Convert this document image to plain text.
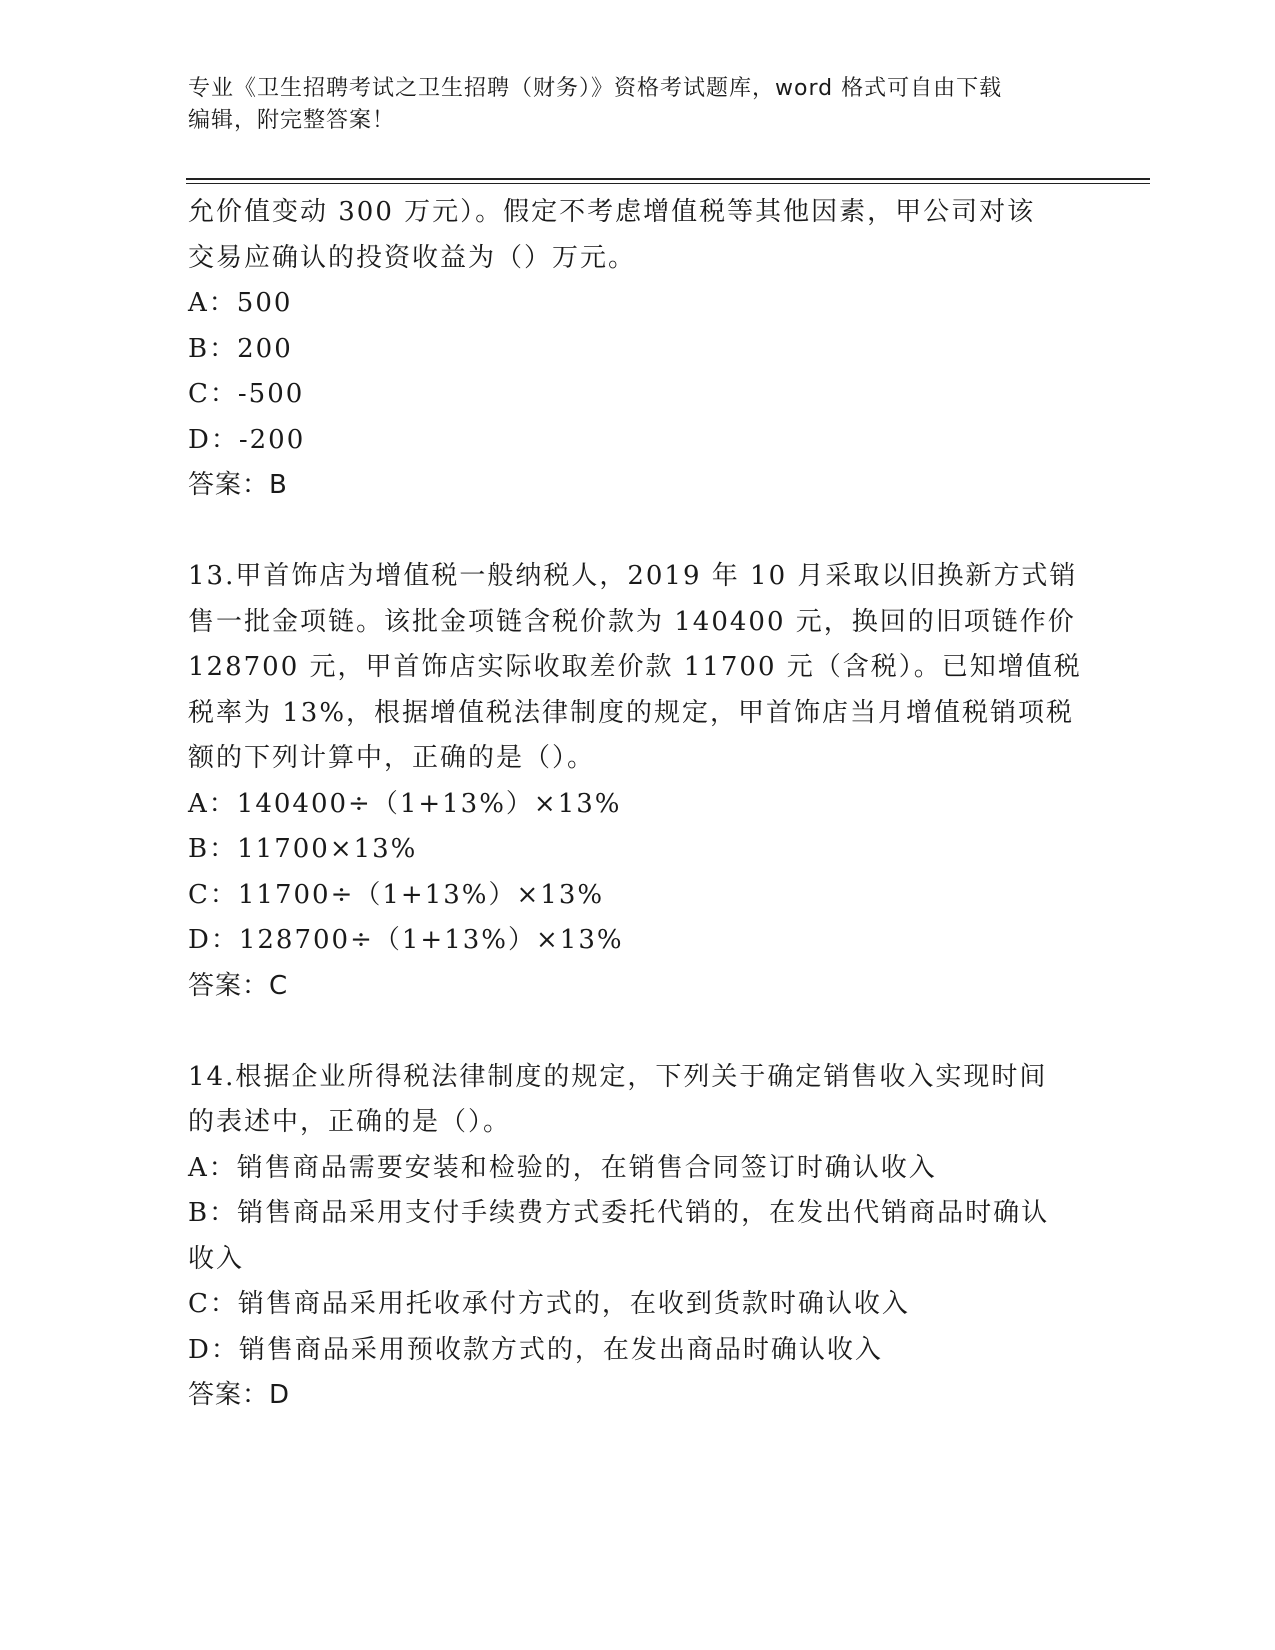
专业《卫生招聘考试之卫生招聘（财务）》资格考试题库，word 格式可自由下载
编辑，附完整答案！
允价值变动 300 万元）。假定不考虑增值税等其他因素，甲公司对该
交易应确认的投资收益为（）万元。
A：500
B：200
C：-500
D：-200
答案：B
13.甲首饰店为增值税一般纳税人，2019 年 10 月采取以旧换新方式销
售一批金项链。该批金项链含税价款为 140400 元，换回的旧项链作价
128700 元，甲首饰店实际收取差价款 11700 元（含税）。已知增值税
税率为 13%，根据增值税法律制度的规定，甲首饰店当月增值税销项税
额的下列计算中，正确的是（）。
A：140400÷（1+13%）×13%
B：11700×13%
C：11700÷（1+13%）×13%
D：128700÷（1+13%）×13%
答案：C
14.根据企业所得税法律制度的规定，下列关于确定销售收入实现时间
的表述中，正确的是（）。
A：销售商品需要安装和检验的，在销售合同签订时确认收入
B：销售商品采用支付手续费方式委托代销的，在发出代销商品时确认
收入
C：销售商品采用托收承付方式的，在收到货款时确认收入
D：销售商品采用预收款方式的，在发出商品时确认收入
答案：D
